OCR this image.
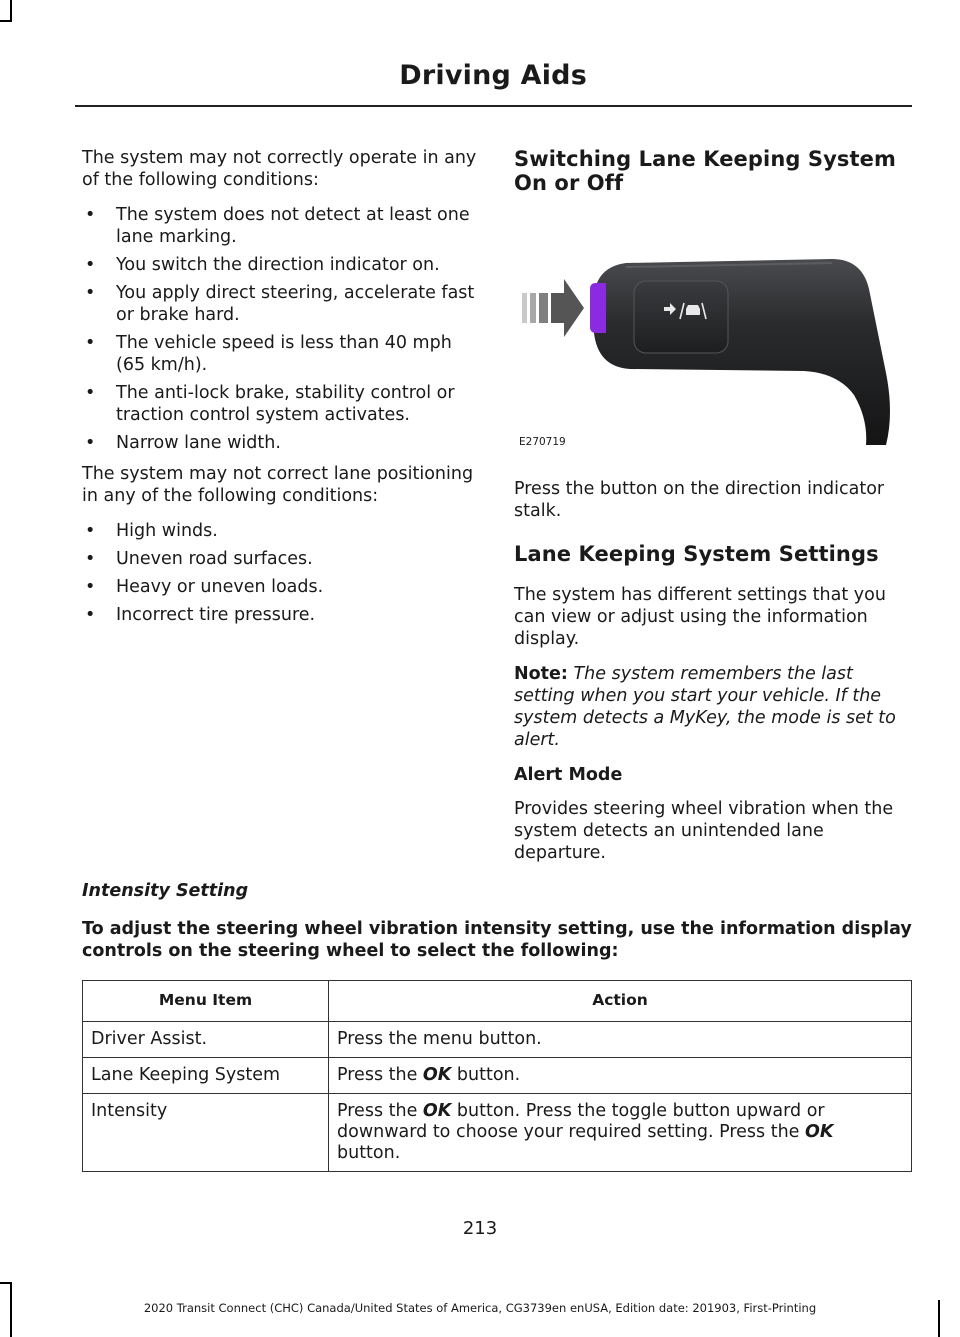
Driving Aids

The system may not correctly operate in any of the following conditions:

• The system does not detect at least one lane marking.
• You switch the direction indicator on.
• You apply direct steering, accelerate fast or brake hard.
• The vehicle speed is less than 40 mph (65 km/h).
• The anti-lock brake, stability control or traction control system activates.
• Narrow lane width.

The system may not correct lane positioning in any of the following conditions:

• High winds.
• Uneven road surfaces.
• Heavy or uneven loads.
• Incorrect tire pressure.
Switching Lane Keeping System On or Off
E270719

Press the button on the direction indicator stalk.

Lane Keeping System Settings

The system has different settings that you can view or adjust using the information display.

Note: The system remembers the last setting when you start your vehicle. If the system detects a MyKey, the mode is set to alert.

Alert Mode

Provides steering wheel vibration when the system detects an unintended lane departure.

Intensity Setting

To adjust the steering wheel vibration intensity setting, use the information display controls on the steering wheel to select the following:

Menu Item	Action
Driver Assist.	Press the menu button.
Lane Keeping System	Press the OK button.
Intensity	Press the OK button. Press the toggle button upward or downward to choose your required setting. Press the OK button.
213
2020 Transit Connect (CHC) Canada/United States of America, CG3739en enUSA, Edition date: 201903, First-Printing
